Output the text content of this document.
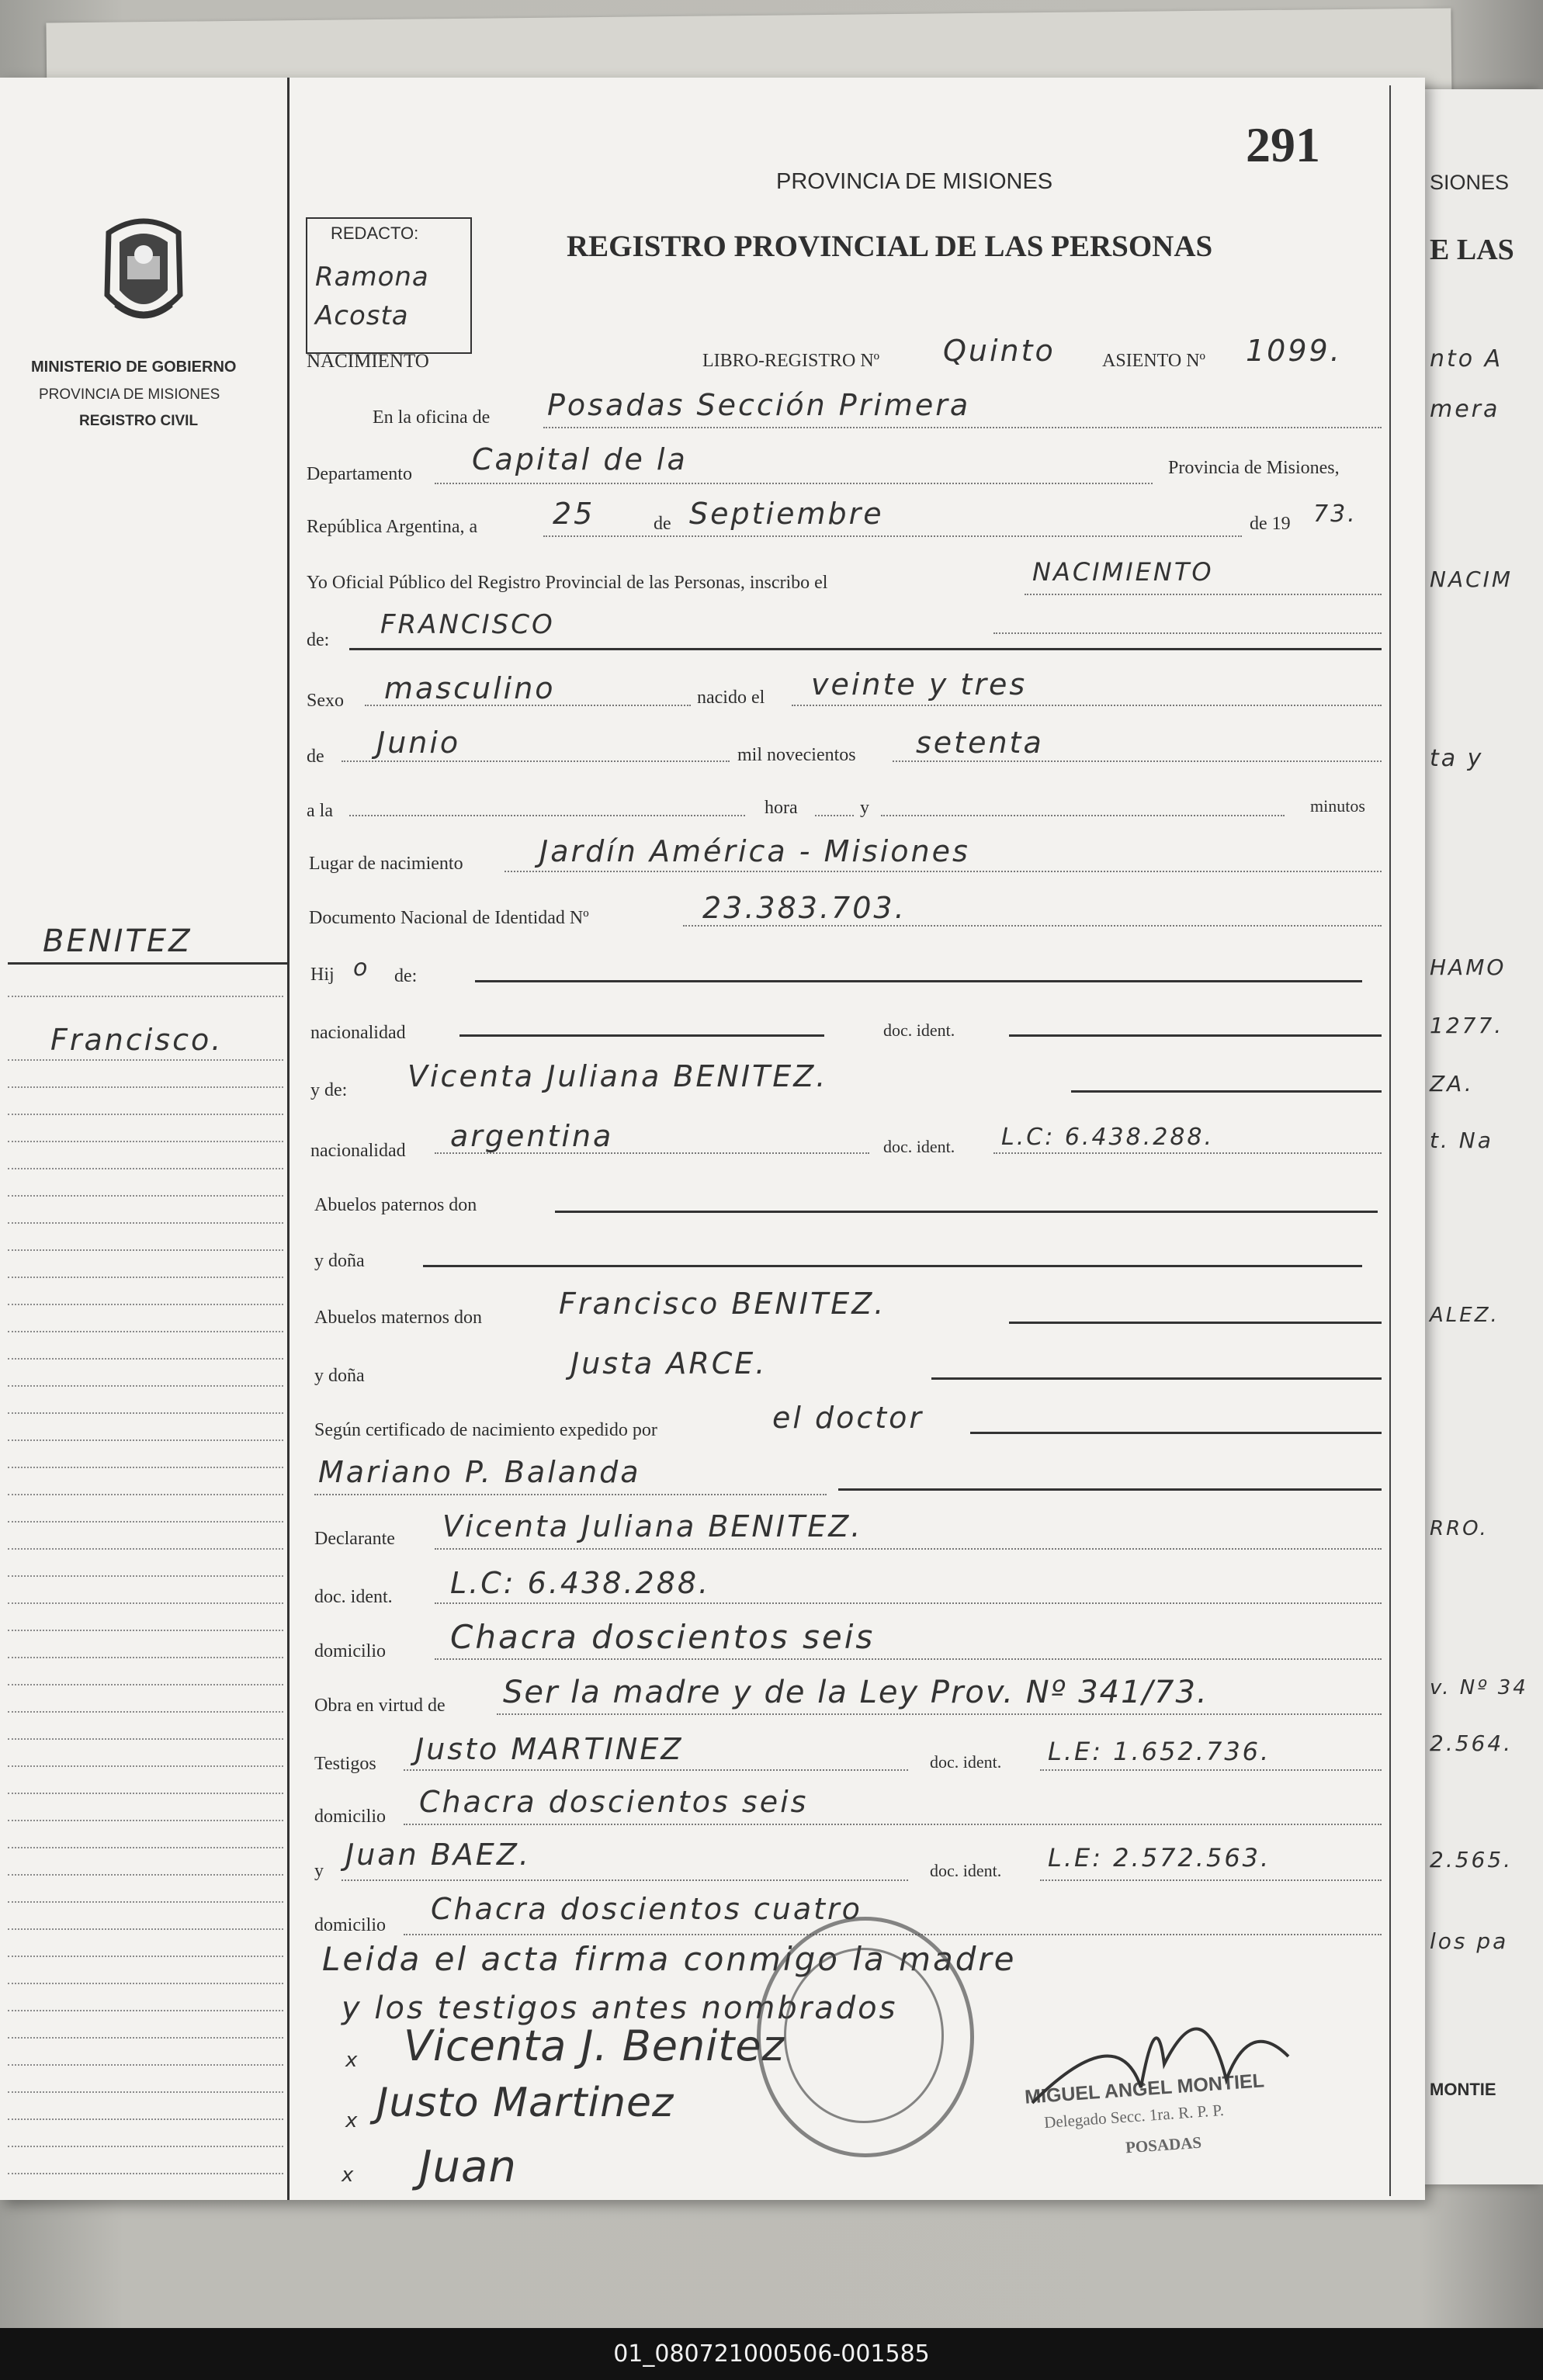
SIONES
E LAS
nto A
mera
NACIM
ta y
HAMO
1277.
ZA.
t. Na
ALEZ.
RRO.
v. Nº 34
2.564.
2.565.
los pa
MONTIE
MINISTERIO DE GOBIERNO
PROVINCIA DE MISIONES
REGISTRO CIVIL
BENITEZ
Francisco.
REDACTO:
Ramona
Acosta
291
PROVINCIA DE MISIONES
REGISTRO PROVINCIAL DE LAS PERSONAS
NACIMIENTO	LIBRO-REGISTRO Nº Quinto	ASIENTO Nº 1099.
En la oficina de Posadas Sección Primera
Departamento Capital de la	Provincia de Misiones,
República Argentina, a	25	de Septiembre	de 19 73.
Yo Oficial Público del Registro Provincial de las Personas, inscribo el	NACIMIENTO
de: FRANCISCO
Sexo masculino	nacido el veinte y tres
de Junio	mil novecientos setenta
a la	hora	y	minutos
Lugar de nacimiento	Jardín América - Misiones
Documento Nacional de Identidad Nº	23.383.703.
Hij o de:
nacionalidad	doc. ident.
y de: Vicenta Juliana BENITEZ.
nacionalidad argentina	doc. ident. L.C: 6.438.288.
Abuelos paternos don
y doña
Abuelos maternos don	Francisco BENITEZ.
y doña	Justa ARCE.
Según certificado de nacimiento expedido por	el doctor
Mariano P. Balanda
Declarante Vicenta Juliana BENITEZ.
doc. ident. L.C: 6.438.288.
domicilio Chacra doscientos seis
Obra en virtud de Ser la madre y de la Ley Prov. Nº 341/73.
Testigos Justo MARTINEZ	doc. ident. L.E: 1.652.736.
domicilio Chacra doscientos seis
y Juan BAEZ.	doc. ident. L.E: 2.572.563.
domicilio Chacra doscientos cuatro
Leida el acta firma conmigo la madre
y los testigos antes nombrados
MIGUEL ANGEL MONTIEL
Delegado Secc. 1ra. R. P. P.
POSADAS
x Vicenta J. Benitez
x Justo Martinez
x Juan
01_080721000506-001585
